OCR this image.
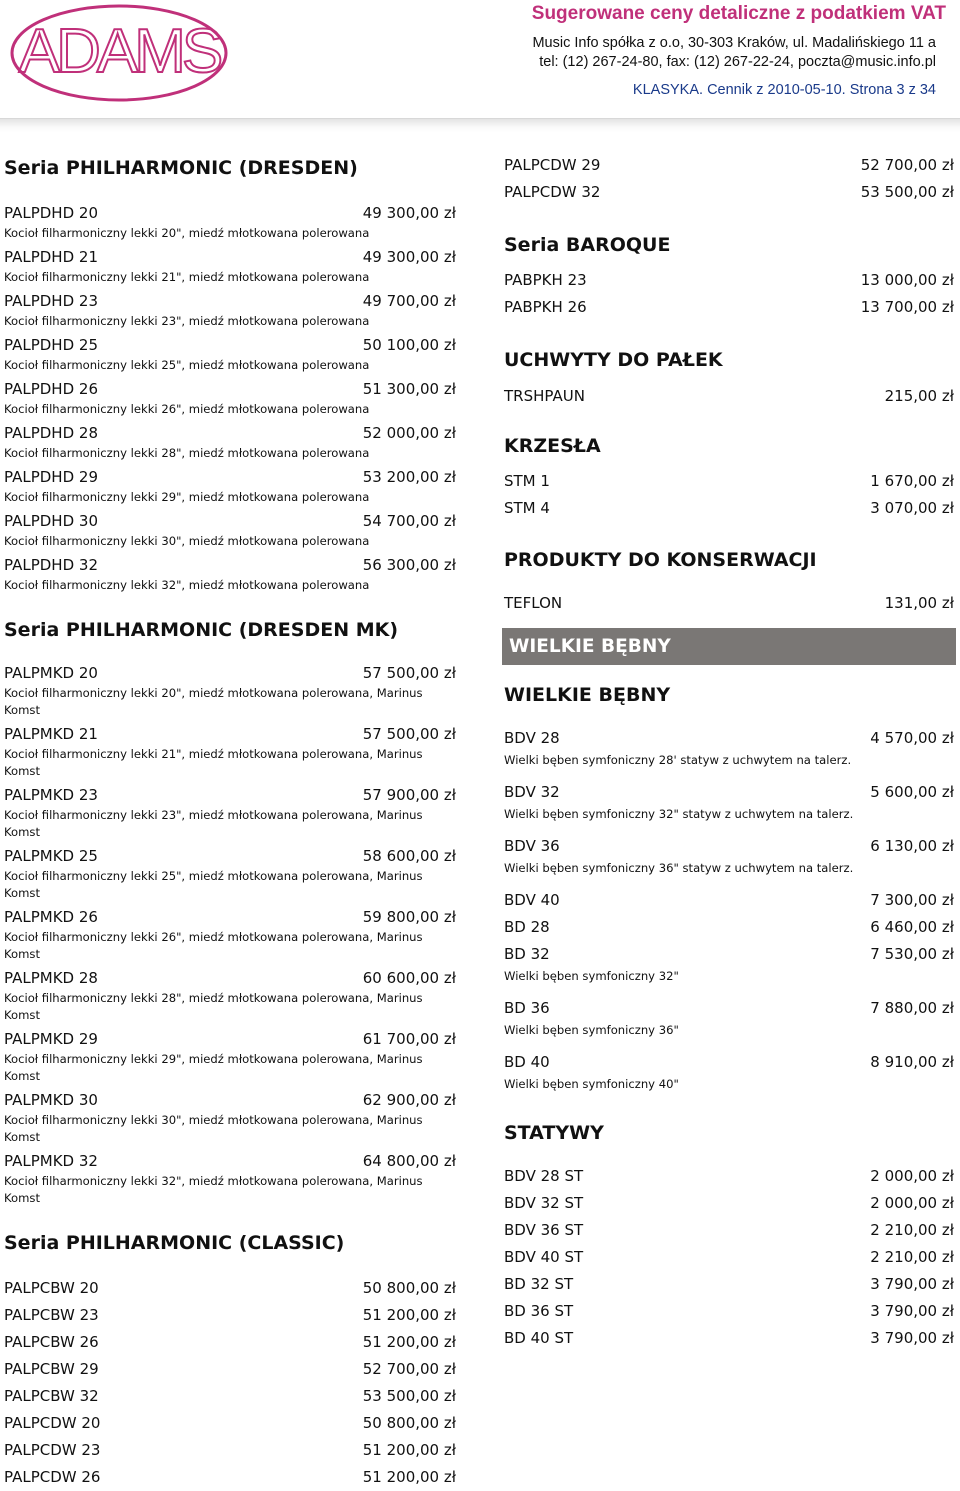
ADAMS
Sugerowane ceny detaliczne z podatkiem VAT
Music Info spółka z o.o, 30-303 Kraków, ul. Madalińskiego 11 a
tel: (12) 267-24-80, fax: (12) 267-22-24, poczta@music.info.pl
KLASYKA. Cennik z 2010-05-10. Strona 3 z 34
Seria PHILHARMONIC (DRESDEN)
PALPDHD 20	49 300,00 zł
Kocioł filharmoniczny lekki 20", miedź młotkowana polerowana
PALPDHD 21	49 300,00 zł
Kocioł filharmoniczny lekki 21", miedź młotkowana polerowana
PALPDHD 23	49 700,00 zł
Kocioł filharmoniczny lekki 23", miedź młotkowana polerowana
PALPDHD 25	50 100,00 zł
Kocioł filharmoniczny lekki 25", miedź młotkowana polerowana
PALPDHD 26	51 300,00 zł
Kocioł filharmoniczny lekki 26", miedź młotkowana polerowana
PALPDHD 28	52 000,00 zł
Kocioł filharmoniczny lekki 28", miedź młotkowana polerowana
PALPDHD 29	53 200,00 zł
Kocioł filharmoniczny lekki 29", miedź młotkowana polerowana
PALPDHD 30	54 700,00 zł
Kocioł filharmoniczny lekki 30", miedź młotkowana polerowana
PALPDHD 32	56 300,00 zł
Kocioł filharmoniczny lekki 32", miedź młotkowana polerowana
Seria PHILHARMONIC (DRESDEN MK)
PALPMKD 20	57 500,00 zł
Kocioł filharmoniczny lekki 20", miedź młotkowana polerowana, Marinus
Komst
PALPMKD 21	57 500,00 zł
Kocioł filharmoniczny lekki 21", miedź młotkowana polerowana, Marinus
Komst
PALPMKD 23	57 900,00 zł
Kocioł filharmoniczny lekki 23", miedź młotkowana polerowana, Marinus
Komst
PALPMKD 25	58 600,00 zł
Kocioł filharmoniczny lekki 25", miedź młotkowana polerowana, Marinus
Komst
PALPMKD 26	59 800,00 zł
Kocioł filharmoniczny lekki 26", miedź młotkowana polerowana, Marinus
Komst
PALPMKD 28	60 600,00 zł
Kocioł filharmoniczny lekki 28", miedź młotkowana polerowana, Marinus
Komst
PALPMKD 29	61 700,00 zł
Kocioł filharmoniczny lekki 29", miedź młotkowana polerowana, Marinus
Komst
PALPMKD 30	62 900,00 zł
Kocioł filharmoniczny lekki 30", miedź młotkowana polerowana, Marinus
Komst
PALPMKD 32	64 800,00 zł
Kocioł filharmoniczny lekki 32", miedź młotkowana polerowana, Marinus
Komst
Seria PHILHARMONIC (CLASSIC)
PALPCBW 20	50 800,00 zł
PALPCBW 23	51 200,00 zł
PALPCBW 26	51 200,00 zł
PALPCBW 29	52 700,00 zł
PALPCBW 32	53 500,00 zł
PALPCDW 20	50 800,00 zł
PALPCDW 23	51 200,00 zł
PALPCDW 26	51 200,00 zł
PALPCDW 29	52 700,00 zł
PALPCDW 32	53 500,00 zł
Seria BAROQUE
PABPKH 23	13 000,00 zł
PABPKH 26	13 700,00 zł
UCHWYTY DO PAŁEK
TRSHPAUN	215,00 zł
KRZESŁA
STM 1	1 670,00 zł
STM 4	3 070,00 zł
PRODUKTY DO KONSERWACJI
TEFLON	131,00 zł
WIELKIE BĘBNY
WIELKIE BĘBNY
BDV 28	4 570,00 zł
Wielki bęben symfoniczny 28' statyw z uchwytem na talerz.
BDV 32	5 600,00 zł
Wielki bęben symfoniczny 32" statyw z uchwytem na talerz.
BDV 36	6 130,00 zł
Wielki bęben symfoniczny 36" statyw z uchwytem na talerz.
BDV 40	7 300,00 zł
BD 28	6 460,00 zł
BD 32	7 530,00 zł
Wielki bęben symfoniczny 32"
BD 36	7 880,00 zł
Wielki bęben symfoniczny 36"
BD 40	8 910,00 zł
Wielki bęben symfoniczny 40"
STATYWY
BDV 28 ST	2 000,00 zł
BDV 32 ST	2 000,00 zł
BDV 36 ST	2 210,00 zł
BDV 40 ST	2 210,00 zł
BD 32 ST	3 790,00 zł
BD 36 ST	3 790,00 zł
BD 40 ST	3 790,00 zł
